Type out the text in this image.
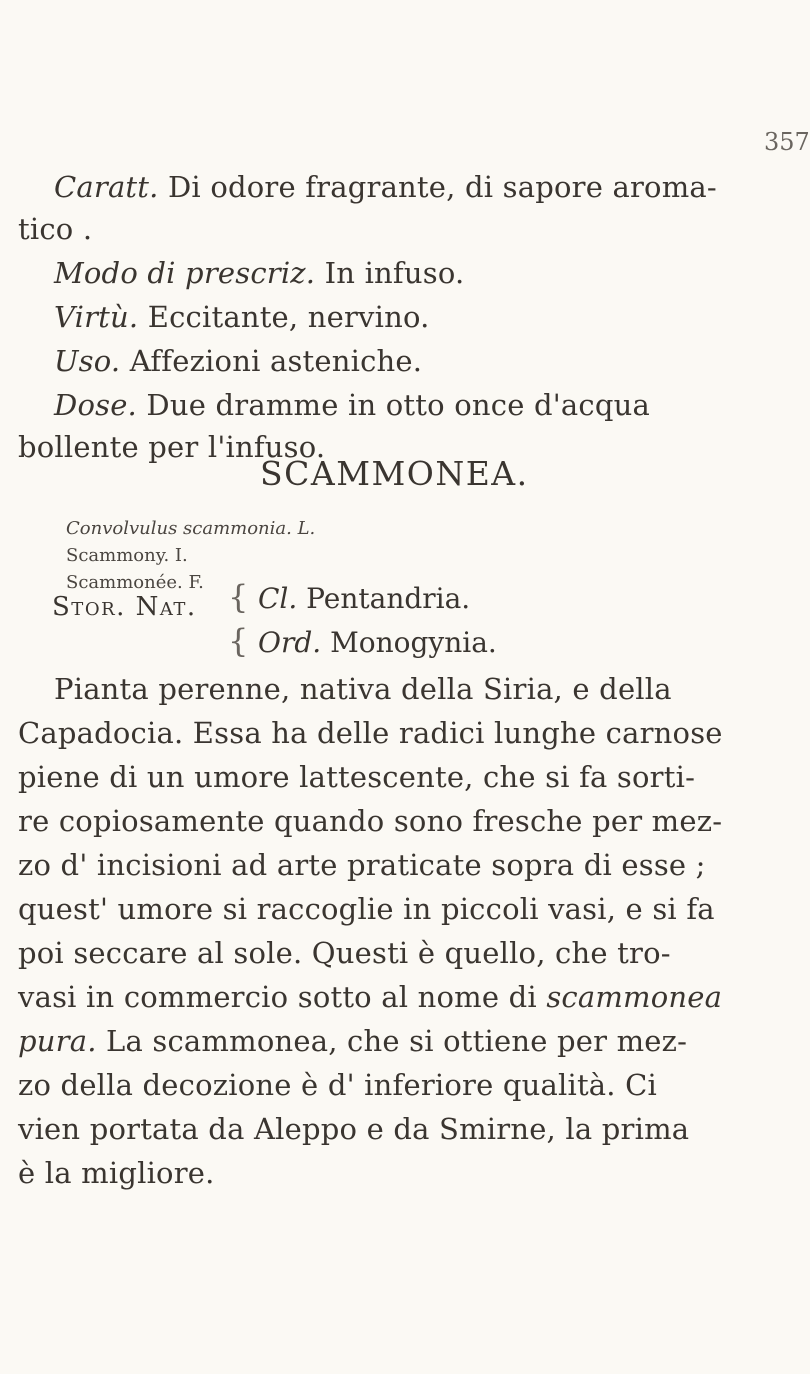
357
Caratt. Di odore fragrante, di sapore aroma-
tico .
Modo di prescriz. In infuso.
Virtù. Eccitante, nervino.
Uso. Affezioni asteniche.
Dose. Due dramme in otto once d'acqua
bollente per l'infuso.
SCAMMONEA.
Convolvulus scammonia. L.
Scammony. I.
Scammonée. F.
Stor. Nat. {
{
Cl. Pentandria.
Ord. Monogynia.
Pianta perenne, nativa della Siria, e della
Capadocia. Essa ha delle radici lunghe carnose
piene di un umore lattescente, che si fa sorti-
re copiosamente quando sono fresche per mez-
zo d' incisioni ad arte praticate sopra di esse ;
quest' umore si raccoglie in piccoli vasi, e si fa
poi seccare al sole. Questi è quello, che tro-
vasi in commercio sotto al nome di scammonea
pura. La scammonea, che si ottiene per mez-
zo della decozione è d' inferiore qualità. Ci
vien portata da Aleppo e da Smirne, la prima
è la migliore.
